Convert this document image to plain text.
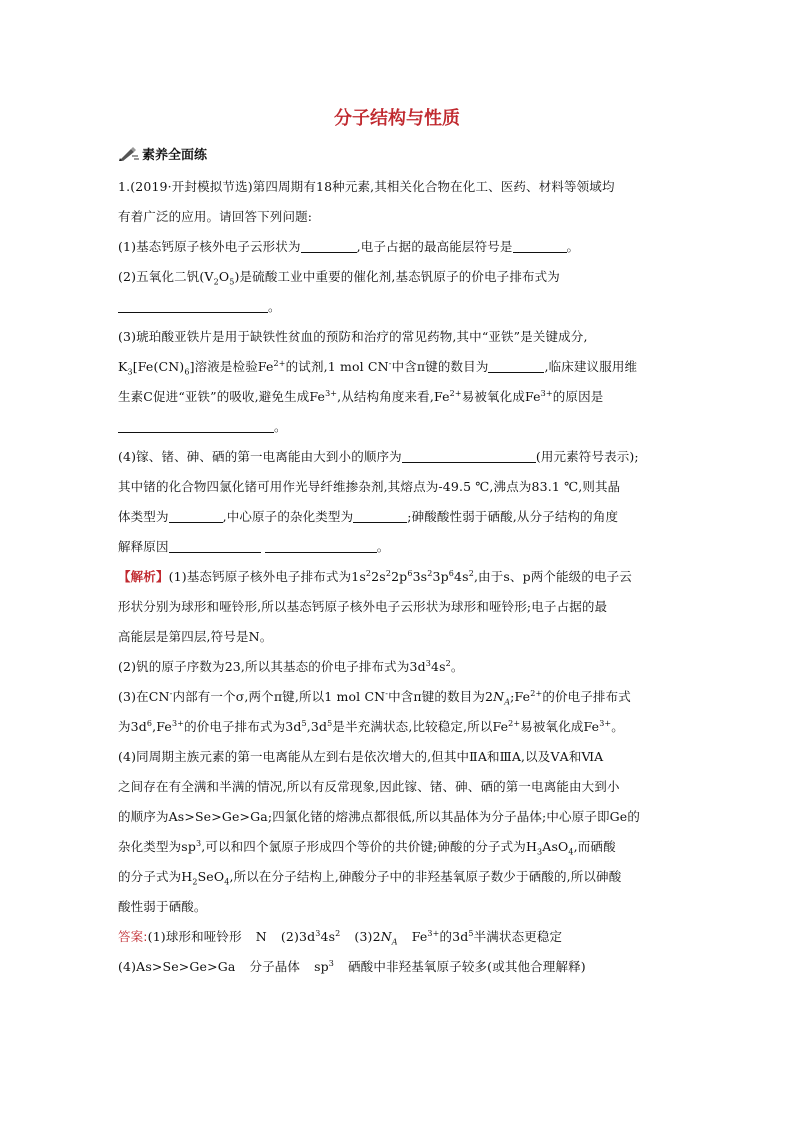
分子结构与性质
素养全面练
1.(2019·开封模拟节选)第四周期有18种元素,其相关化合物在化工、医药、材料等领域均
有着广泛的应用。请回答下列问题:
(1)基态钙原子核外电子云形状为	,电子占据的最高能层符号是	。
(2)五氧化二钒$(V_2O_5)$是硫酸工业中重要的催化剂,基态钒原子的价电子排布式为
。
(3)琥珀酸亚铁片是用于缺铁性贫血的预防和治疗的常见药物,其中“亚铁”是关键成分,
$K_3[Fe(CN)_6]$溶液是检验$Fe^{2+}$的试剂,1 mol CN-中含π键的数目为	,临床建议服用维
生素C促进“亚铁”的吸收,避免生成$Fe^{3+}$,从结构角度来看$,Fe^{2+}$易被氧化成$Fe^{3+}$的原因是
。
(4)镓、锗、砷、硒的第一电离能由大到小的顺序为	(用元素符号表示);
其中锗的化合物四氯化锗可用作光导纤维掺杂剂,其熔点为-49.5 ℃,沸点为83.1 ℃,则其晶
体类型为	,中心原子的杂化类型为	;砷酸酸性弱于硒酸,从分子结构的角度
解释原因	。
【解析】(1)基态钙原子核外电子排布式为$1s^22s^22p^63s^23p^64s^2$,由于s、p两个能级的电子云
形状分别为球形和哑铃形,所以基态钙原子核外电子云形状为球形和哑铃形;电子占据的最
高能层是第四层,符号是N。
(2)钒的原子序数为23,所以其基态的价电子排布式为$3d^34s^2$。
(3)在CN-内部有一个σ,两个π键,所以1 mol CN-中含π键的数目为$2N_A;Fe^{2+}$的价电子排布式
为$3d^6,Fe^{3+}$的价电子排布式为$3d^5,3d^5$是半充满状态,比较稳定,所以$Fe^{2+}$易被氧化成$Fe^{3+}$。
(4)同周期主族元素的第一电离能从左到右是依次增大的,但其中ⅡA和ⅢA,以及ⅤA和ⅥA
之间存在有全满和半满的情况,所以有反常现象,因此镓、锗、砷、硒的第一电离能由大到小
的顺序为As>Se>Ge>Ga;四氯化锗的熔沸点都很低,所以其晶体为分子晶体;中心原子即Ge的
杂化类型为$sp^3$,可以和四个氯原子形成四个等价的共价键;砷酸的分子式为$H_3AsO_4$,而硒酸
的分子式为$H_2SeO_4$,所以在分子结构上,砷酸分子中的非羟基氧原子数少于硒酸的,所以砷酸
酸性弱于硒酸。
答案:(1)球形和哑铃形 N $(2)3d^34s^2$ $(3)2N_A$ $Fe^{3+}$的$3d^5$半满状态更稳定
(4)As>Se>Ge>Ga 分子晶体 $sp^3$ 硒酸中非羟基氧原子较多(或其他合理解释)
